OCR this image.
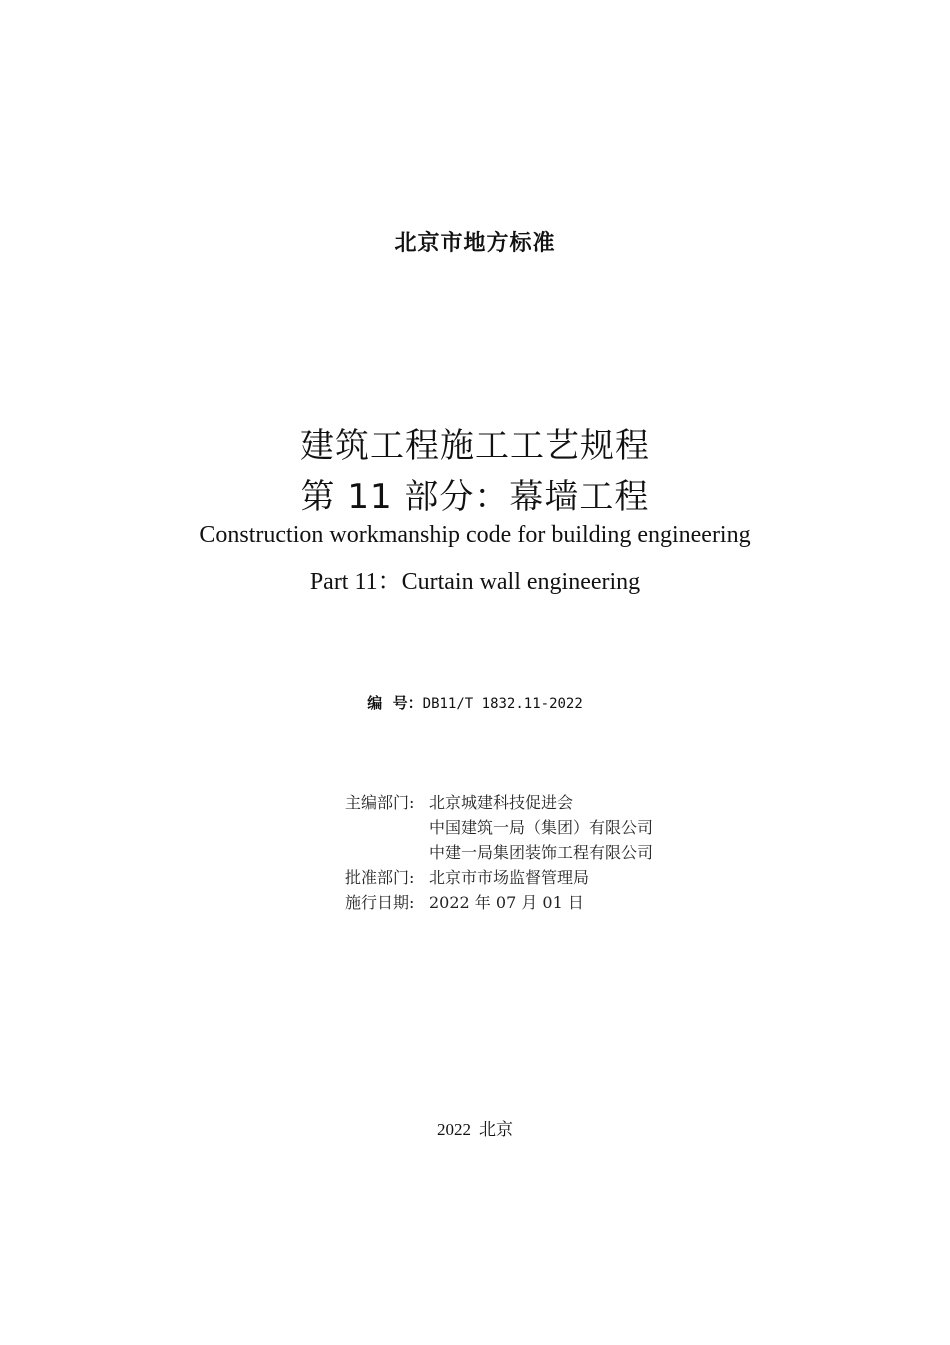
北京市地方标准
建筑工程施工工艺规程
第 11 部分：幕墙工程
Construction workmanship code for building engineering
Part 11：Curtain wall engineering
编  号：DB11/T 1832.11-2022
主编部门: 北京城建科技促进会
中国建筑一局（集团）有限公司
中建一局集团装饰工程有限公司
批准部门: 北京市市场监督管理局
施行日期: 2022 年 07 月 01 日
2022 北京
